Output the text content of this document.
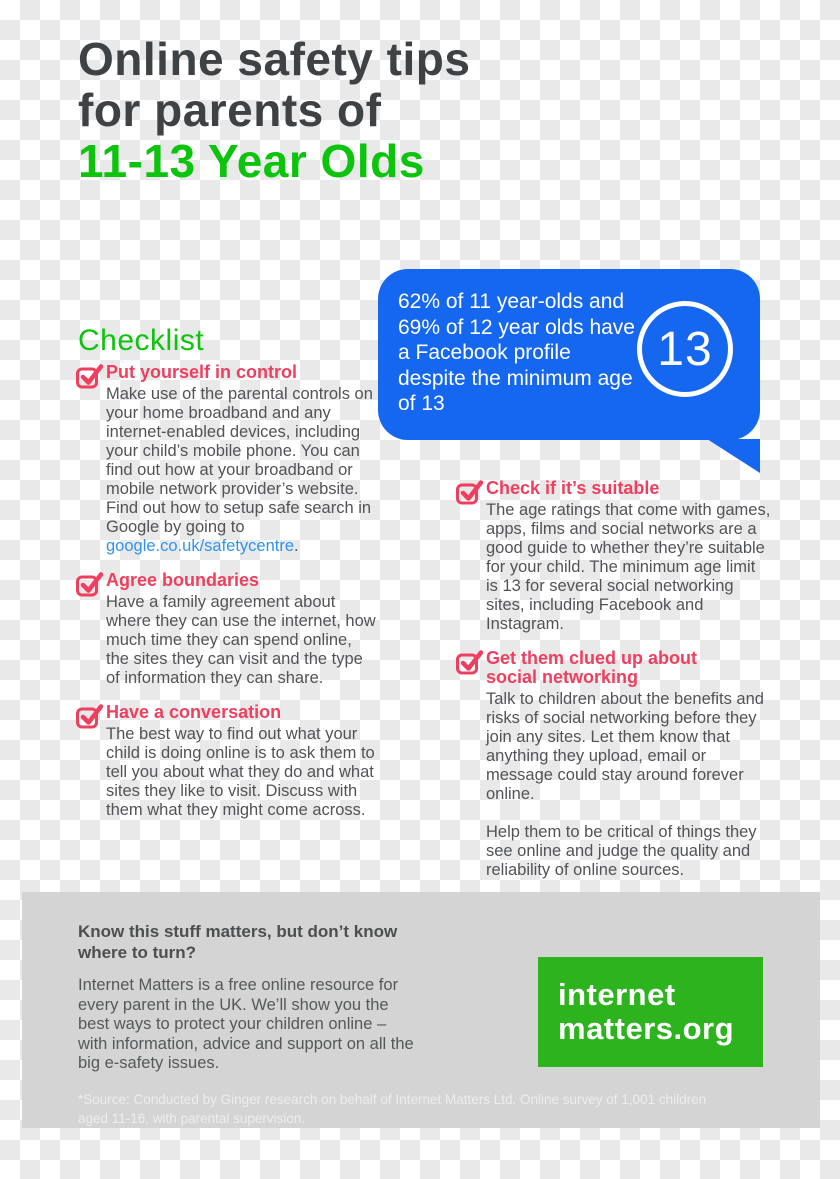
Online safety tips
for parents of
11-13 Year Olds

62% of 11 year-olds and 69% of 12 year olds have a Facebook profile despite the minimum age of 13

13
Checklist

Put yourself in control

Make use of the parental controls on your home broadband and any internet-enabled devices, including your child’s mobile phone. You can find out how at your broadband or mobile network provider’s website. Find out how to setup safe search in Google by going to google.co.uk/safetycentre.

Agree boundaries

Have a family agreement about where they can use the internet, how much time they can spend online, the sites they can visit and the type of information they can share.

Have a conversation

The best way to find out what your child is doing online is to ask them to tell you about what they do and what sites they like to visit. Discuss with them what they might come across.

Check if it’s suitable

The age ratings that come with games, apps, films and social networks are a good guide to whether they’re suitable for your child. The minimum age limit is 13 for several social networking sites, including Facebook and Instagram.

Get them clued up about social networking

Talk to children about the benefits and risks of social networking before they join any sites. Let them know that anything they upload, email or message could stay around forever online.

Help them to be critical of things they see online and judge the quality and reliability of online sources.

Know this stuff matters, but don’t know where to turn?

Internet Matters is a free online resource for every parent in the UK. We’ll show you the best ways to protect your children online – with information, advice and support on all the big e-safety issues.

internet
matters.org

*Source: Conducted by Ginger research on behalf of Internet Matters Ltd. Online survey of 1,001 children aged 11-16, with parental supervision.
